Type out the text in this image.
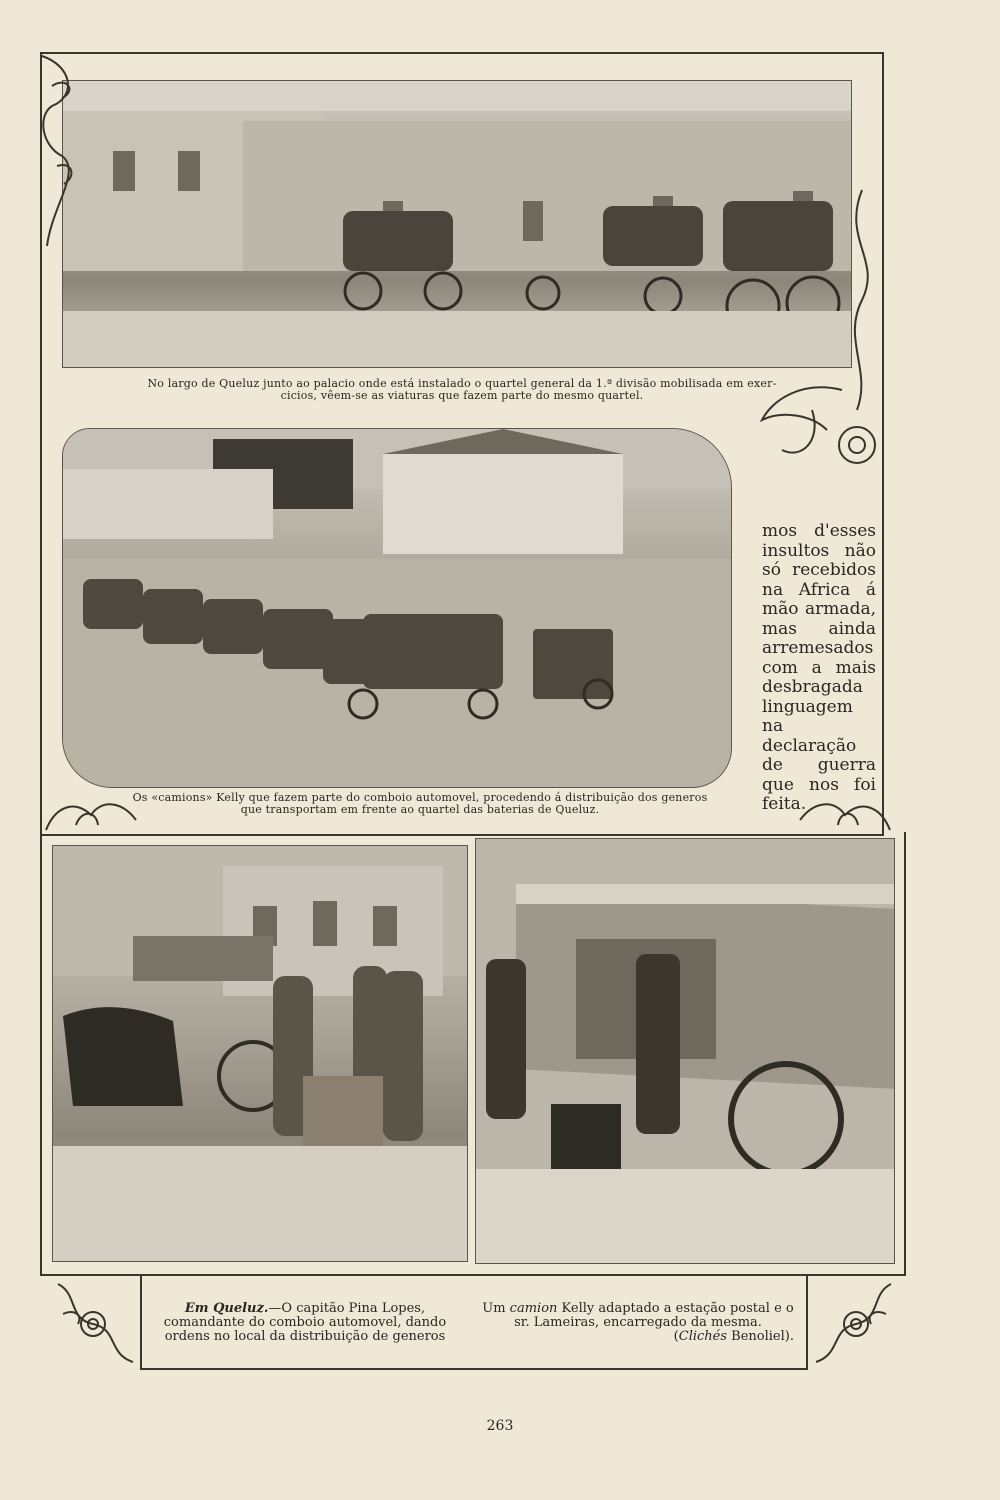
No largo de Queluz junto ao palacio onde está instalado o quartel general da 1.ª divisão mobilisada em exer-
cicios, vêem-se as viaturas que fazem parte do mesmo quartel.
Os «camions» Kelly que fazem parte do comboio automovel, procedendo á distribuição dos generos
que transportam em frente ao quartel das baterias de Queluz.
mos d'esses insultos não só recebidos na Africa á mão armada, mas ainda arremesados com a mais desbragada linguagem na declaração de guerra que nos foi feita.
Em Queluz.—O capitão Pina Lopes, comandante do comboio automovel, dando ordens no local da distribuição de generos
Um camion Kelly adaptado a estação postal e o sr. Lameiras, encarregado da mesma.
(Clichés Benoliel).
263
